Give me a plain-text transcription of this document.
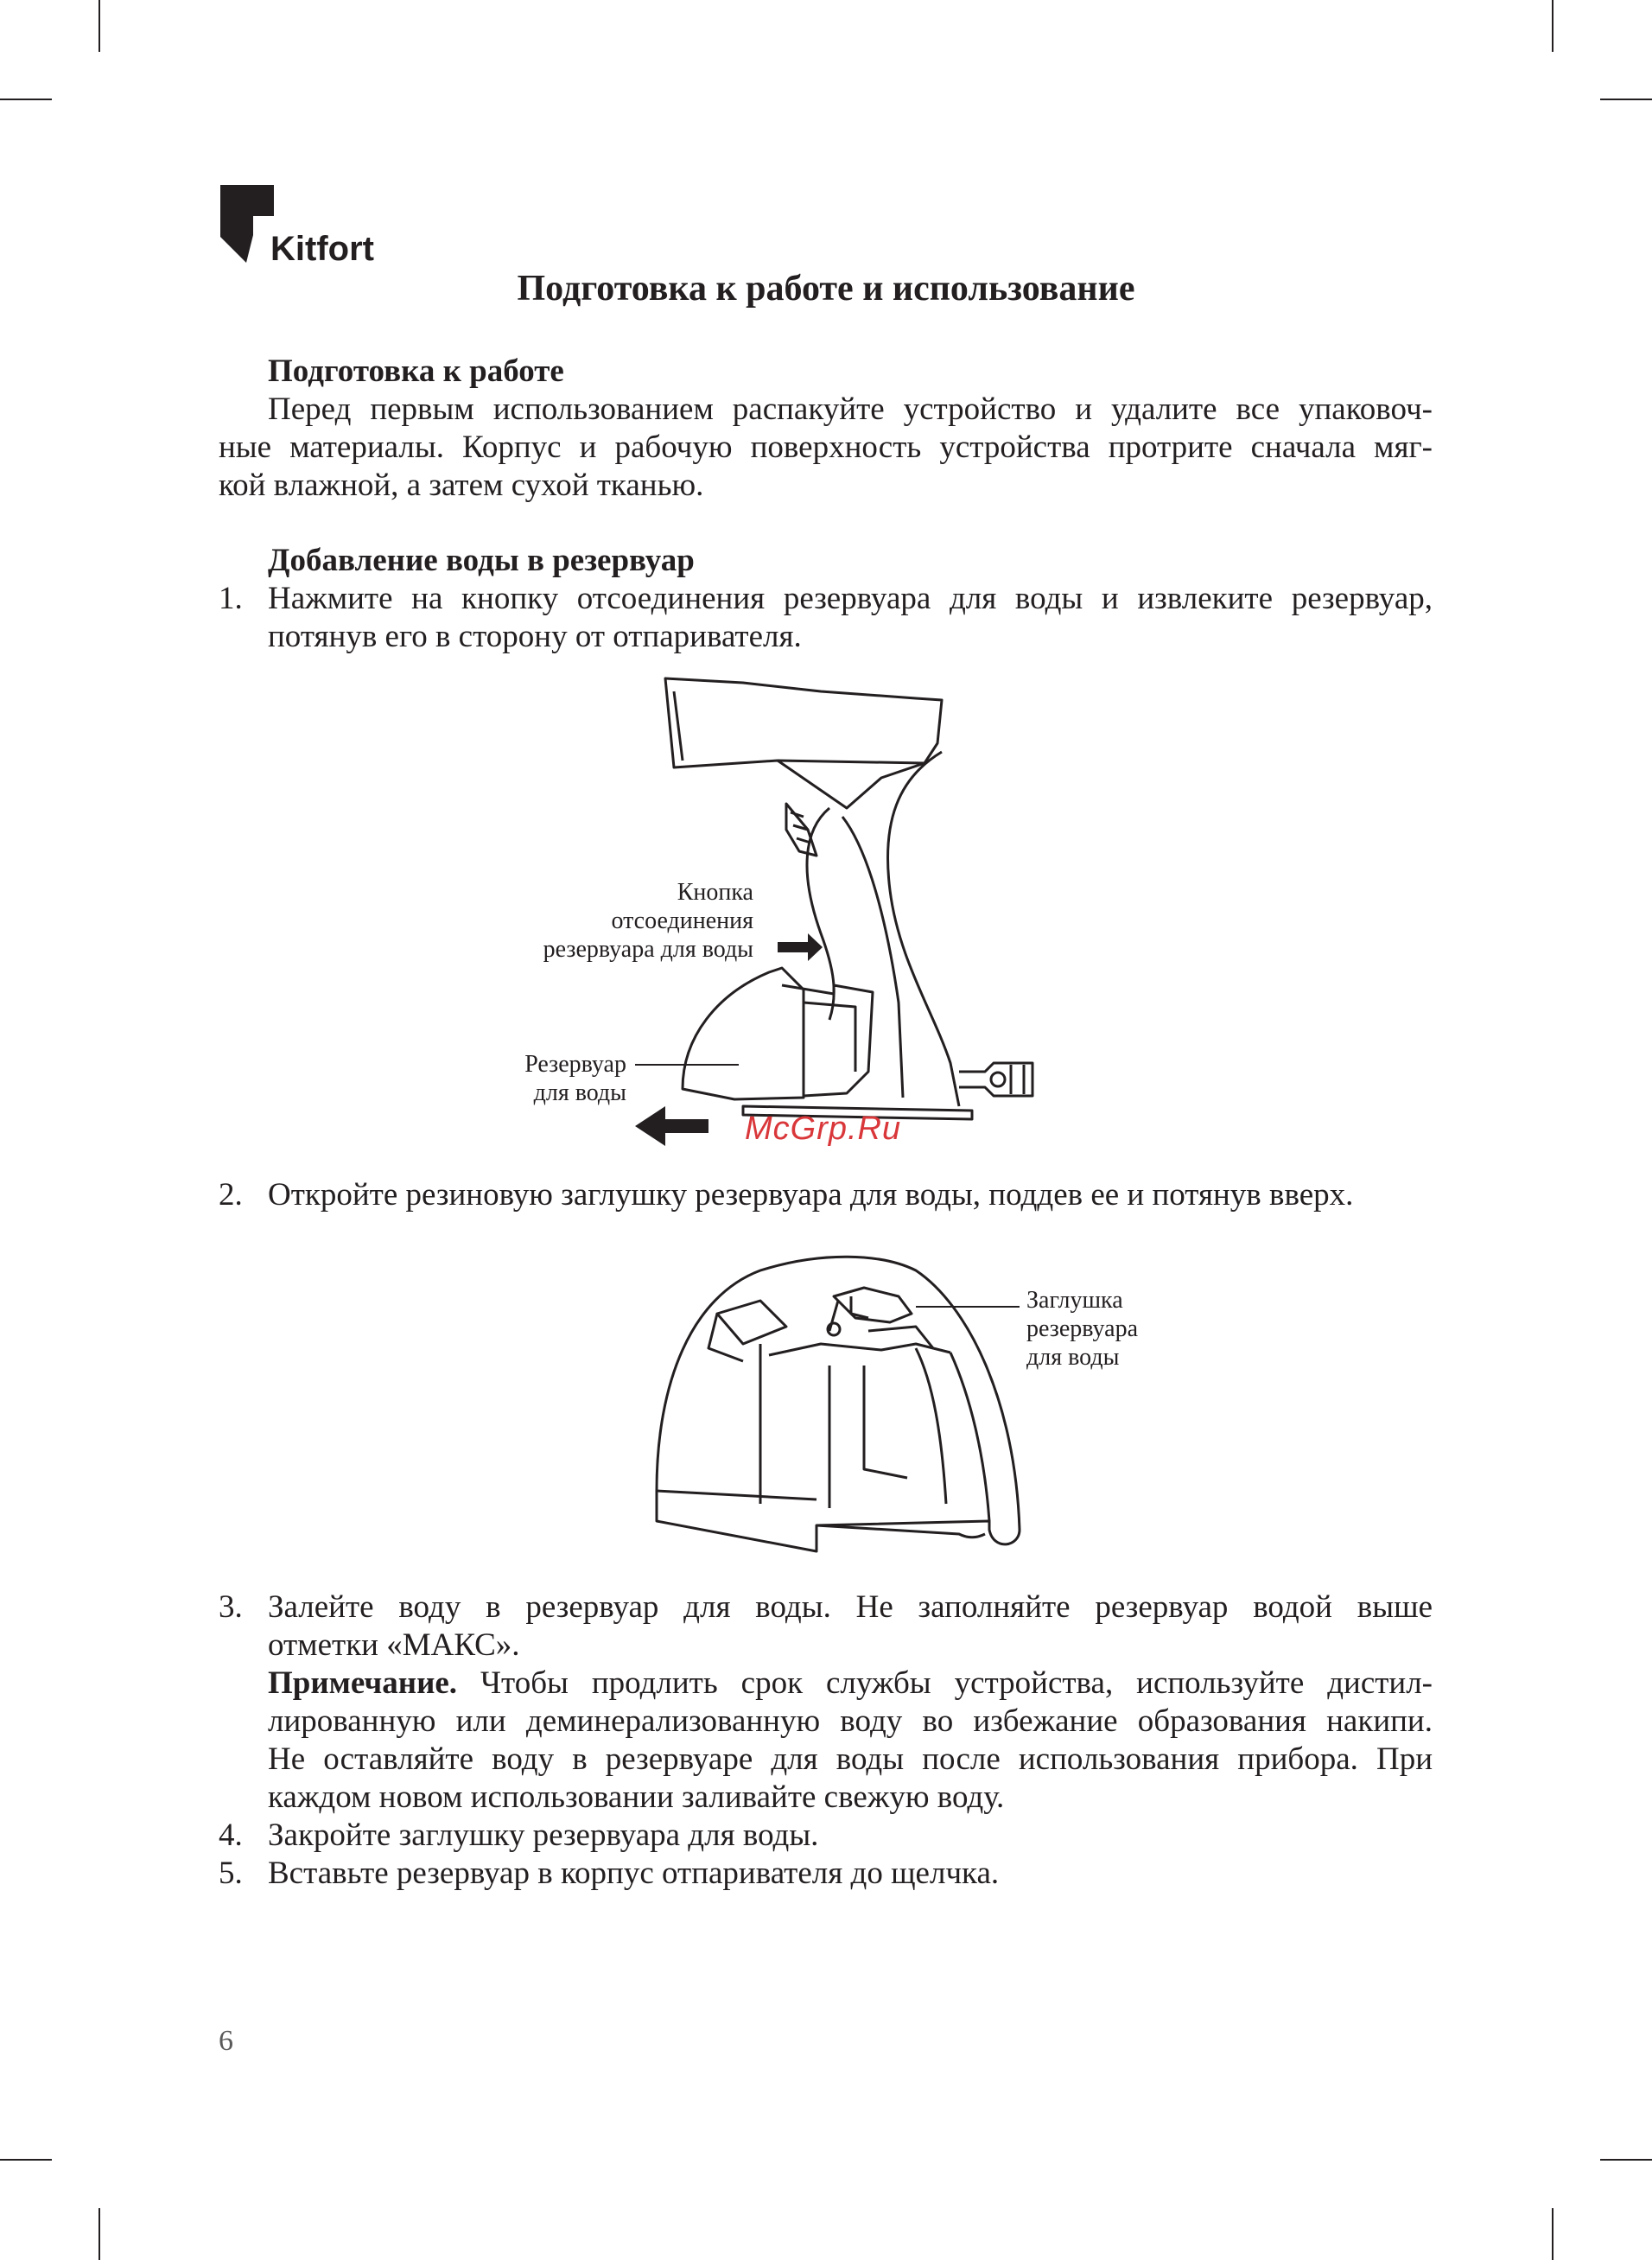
Kitfort
Подготовка к работе и использование
Подготовка к работе
Перед первым использованием распакуйте устройство и удалите все упаковоч-
ные материалы. Корпус и рабочую поверхность устройства протрите сначала мяг-
кой влажной, а затем сухой тканью.
Добавление воды в резервуар
1. Нажмите на кнопку отсоединения резервуара для воды и извлеките резервуар,
потянув его в сторону от отпаривателя.
Кнопка
отсоединения
резервуара для воды
Резервуар
для воды
McGrp.Ru
2. Откройте резиновую заглушку резервуара для воды, поддев ее и потянув вверх.
Заглушка
резервуара
для воды
3. Залейте воду в резервуар для воды. Не заполняйте резервуар водой выше
отметки «МАКС».
Примечание. Чтобы продлить срок службы устройства, используйте дистил-
лированную или деминерализованную воду во избежание образования накипи.
Не оставляйте воду в резервуаре для воды после использования прибора. При
каждом новом использовании заливайте свежую воду.
4. Закройте заглушку резервуара для воды.
5. Вставьте резервуар в корпус отпаривателя до щелчка.
6
